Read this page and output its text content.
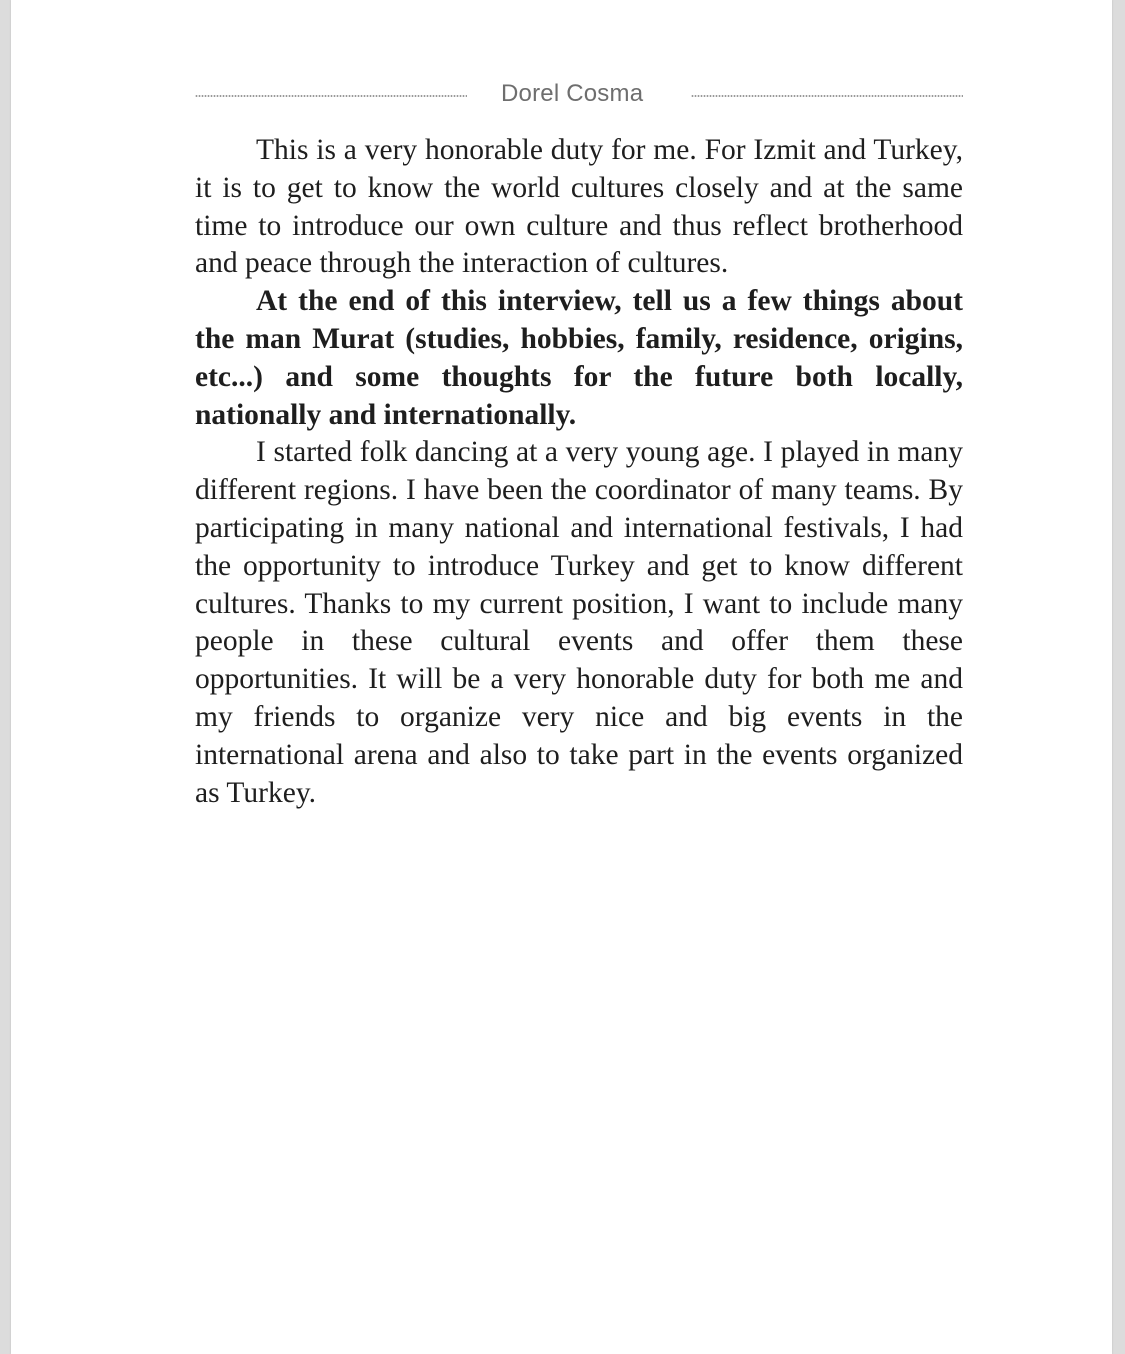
Dorel Cosma

This is a very honorable duty for me. For Izmit and Turkey, it is to get to know the world cultures closely and at the same time to introduce our own culture and thus reflect brotherhood and peace through the interaction of cultures.

At the end of this interview, tell us a few things about the man Murat (studies, hobbies, family, residence, origins, etc...) and some thoughts for the future both locally, nationally and internationally.

I started folk dancing at a very young age. I played in many different regions. I have been the coordinator of many teams. By participating in many national and international festivals, I had the opportunity to introduce Turkey and get to know different cultures. Thanks to my current position, I want to include many people in these cultural events and offer them these opportunities. It will be a very honorable duty for both me and my friends to organize very nice and big events in the international arena and also to take part in the events organized as Turkey.
